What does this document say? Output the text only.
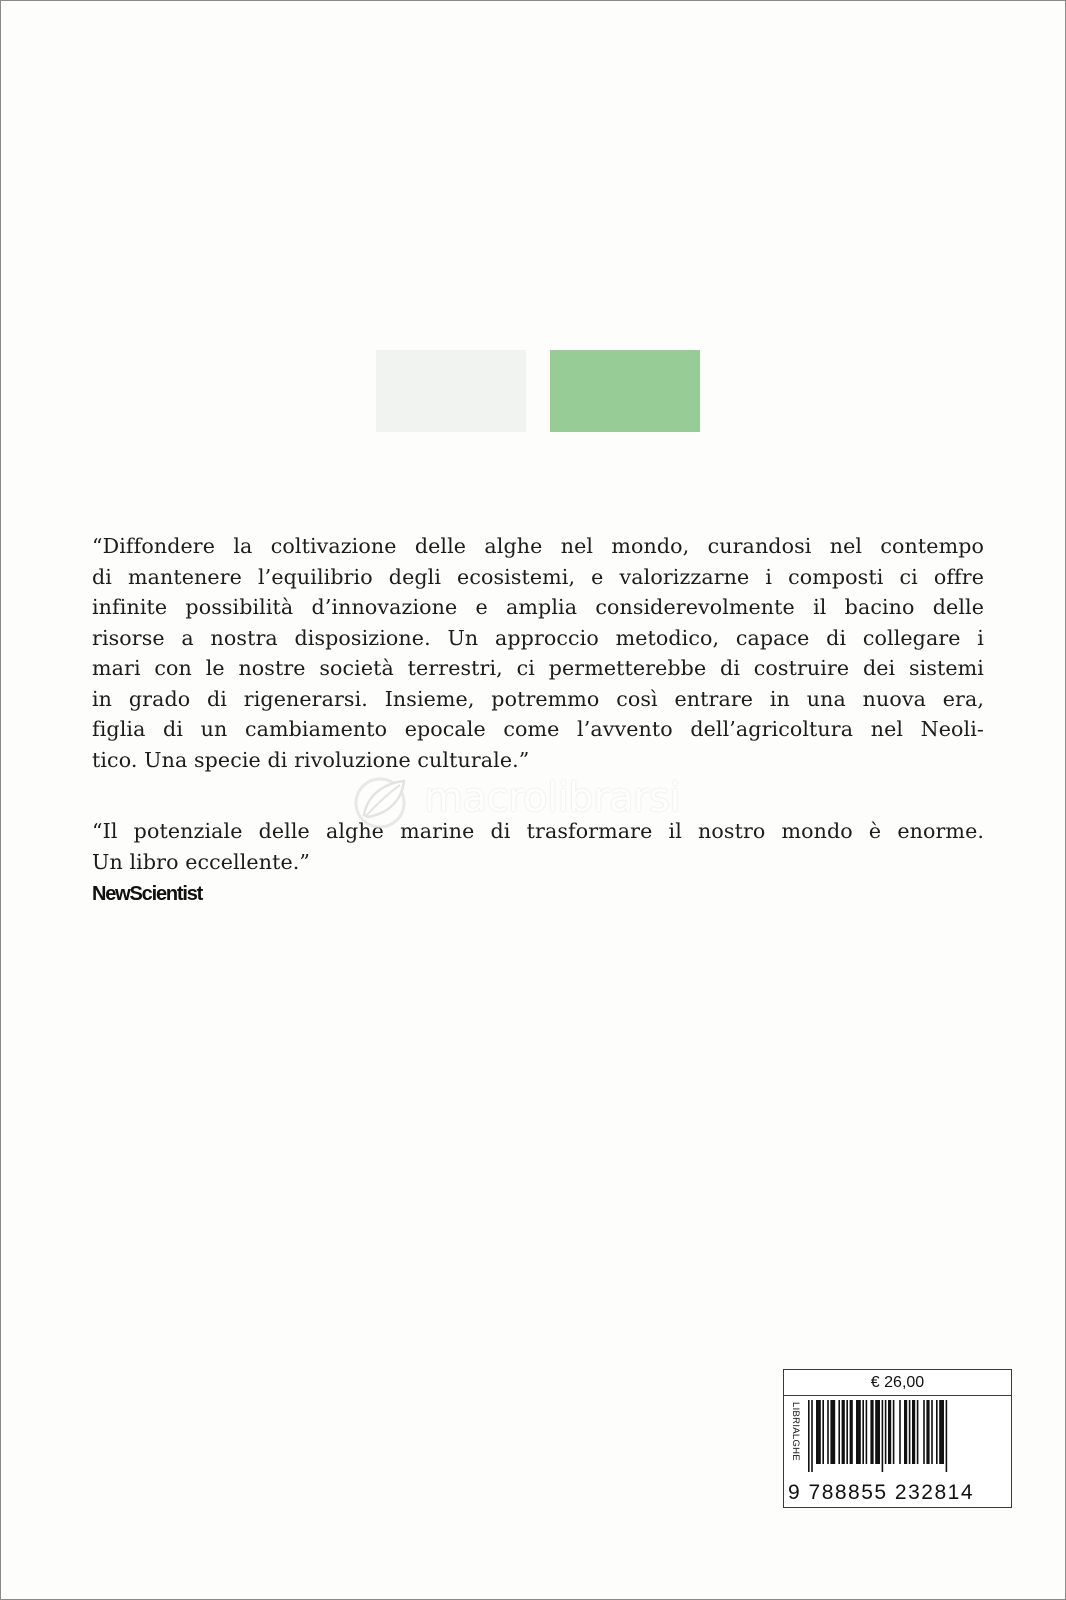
“Diffondere la coltivazione delle alghe nel mondo, curandosi nel contempo
di mantenere l’equilibrio degli ecosistemi, e valorizzarne i composti ci offre
infinite possibilità d’innovazione e amplia considerevolmente il bacino delle
risorse a nostra disposizione. Un approccio metodico, capace di collegare i
mari con le nostre società terrestri, ci permetterebbe di costruire dei sistemi
in grado di rigenerarsi. Insieme, potremmo così entrare in una nuova era,
figlia di un cambiamento epocale come l’avvento dell’agricoltura nel Neoli-
tico. Una specie di rivoluzione culturale.”

“Il potenziale delle alghe marine di trasformare il nostro mondo è enorme.
Un libro eccellente.”

NewScientist
macrolibrarsi
€ 26,00
LIBRIALGHE
9 788855 232814
